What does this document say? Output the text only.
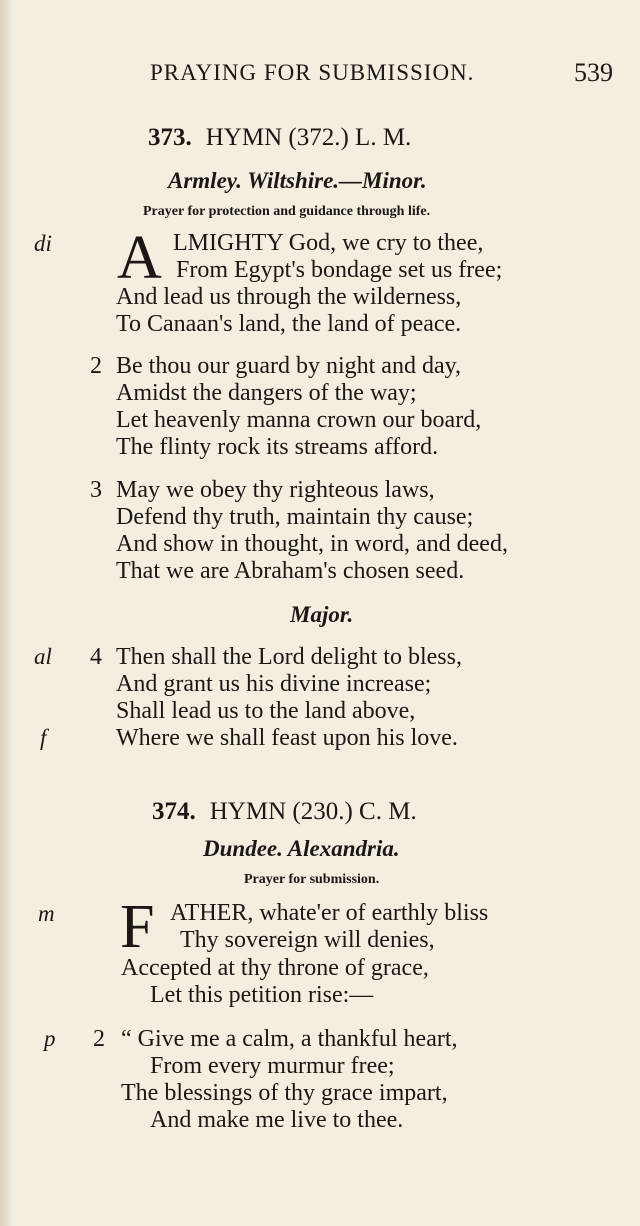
PRAYING FOR SUBMISSION.	539
373. HYMN (372.) L. M.
Armley. Wiltshire.—Minor.
Prayer for protection and guidance through life.
di A LMIGHTY God, we cry to thee,
From Egypt's bondage set us free;
And lead us through the wilderness,
To Canaan's land, the land of peace.
2 Be thou our guard by night and day,
Amidst the dangers of the way;
Let heavenly manna crown our board,
The flinty rock its streams afford.
3 May we obey thy righteous laws,
Defend thy truth, maintain thy cause;
And show in thought, in word, and deed,
That we are Abraham's chosen seed.
Major.
al 4 Then shall the Lord delight to bless,
And grant us his divine increase;
Shall lead us to the land above,
f	Where we shall feast upon his love.
374. HYMN (230.) C. M.
Dundee. Alexandria.
Prayer for submission.
m F ATHER, whate'er of earthly bliss
Thy sovereign will denies,
Accepted at thy throne of grace,
Let this petition rise:—
p 2 “ Give me a calm, a thankful heart,
From every murmur free;
The blessings of thy grace impart,
And make me live to thee.
